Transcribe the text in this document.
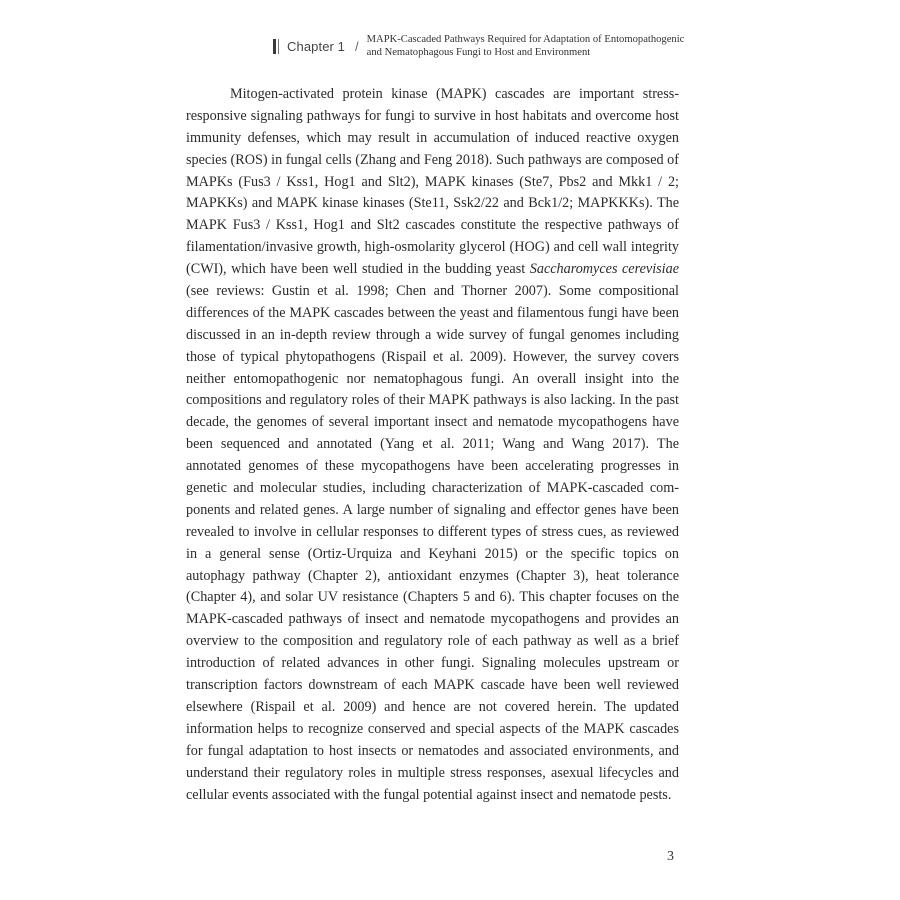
Chapter 1 / MAPK-Cascaded Pathways Required for Adaptation of Entomopathogenic
and Nematophagous Fungi to Host and Environment
Mitogen-activated protein kinase (MAPK) cascades are important stress-
responsive signaling pathways for fungi to survive in host habitats and overcome host
immunity defenses, which may result in accumulation of induced reactive oxygen
species (ROS) in fungal cells (Zhang and Feng 2018). Such pathways are composed of
MAPKs (Fus3 / Kss1, Hog1 and Slt2), MAPK kinases (Ste7, Pbs2 and Mkk1 / 2;
MAPKKs) and MAPK kinase kinases (Ste11, Ssk2/22 and Bck1/2; MAPKKKs). The
MAPK Fus3 / Kss1, Hog1 and Slt2 cascades constitute the respective pathways of
filamentation/invasive growth, high-osmolarity glycerol (HOG) and cell wall integrity
(CWI), which have been well studied in the budding yeast Saccharomyces cerevisiae
(see reviews: Gustin et al. 1998; Chen and Thorner 2007). Some compositional
differences of the MAPK cascades between the yeast and filamentous fungi have been
discussed in an in-depth review through a wide survey of fungal genomes including
those of typical phytopathogens (Rispail et al. 2009). However, the survey covers
neither entomopathogenic nor nematophagous fungi. An overall insight into the
compositions and regulatory roles of their MAPK pathways is also lacking. In the past
decade, the genomes of several important insect and nematode mycopathogens have
been sequenced and annotated (Yang et al. 2011; Wang and Wang 2017). The
annotated genomes of these mycopathogens have been accelerating progresses in
genetic and molecular studies, including characterization of MAPK-cascaded com-
ponents and related genes. A large number of signaling and effector genes have been
revealed to involve in cellular responses to different types of stress cues, as reviewed
in a general sense (Ortiz-Urquiza and Keyhani 2015) or the specific topics on
autophagy pathway (Chapter 2), antioxidant enzymes (Chapter 3), heat tolerance
(Chapter 4), and solar UV resistance (Chapters 5 and 6). This chapter focuses on the
MAPK-cascaded pathways of insect and nematode mycopathogens and provides an
overview to the composition and regulatory role of each pathway as well as a brief
introduction of related advances in other fungi. Signaling molecules upstream or
transcription factors downstream of each MAPK cascade have been well reviewed
elsewhere (Rispail et al. 2009) and hence are not covered herein. The updated
information helps to recognize conserved and special aspects of the MAPK cascades
for fungal adaptation to host insects or nematodes and associated environments, and
understand their regulatory roles in multiple stress responses, asexual lifecycles and
cellular events associated with the fungal potential against insect and nematode pests.
3
